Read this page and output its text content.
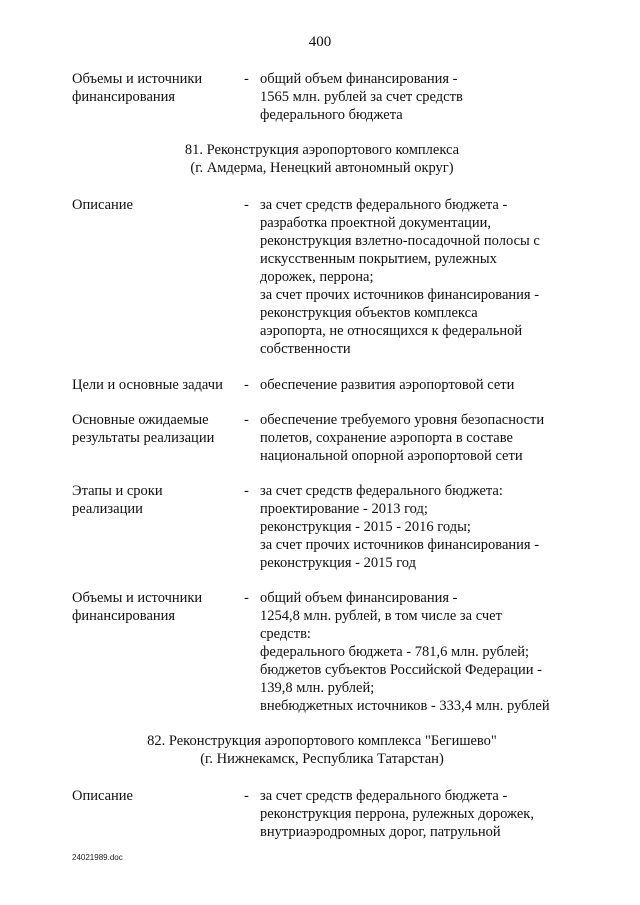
400
Объемы и источники
финансирования
- общий объем финансирования -
1565 млн. рублей за счет средств
федерального бюджета
81. Реконструкция аэропортового комплекса
(г. Амдерма, Ненецкий автономный округ)
Описание	- за счет средств федерального бюджета -
разработка проектной документации,
реконструкция взлетно-посадочной полосы с
искусственным покрытием, рулежных
дорожек, перрона;
за счет прочих источников финансирования -
реконструкция объектов комплекса
аэропорта, не относящихся к федеральной
собственности
Цели и основные задачи	- обеспечение развития аэропортовой сети
Основные ожидаемые
результаты реализации
- обеспечение требуемого уровня безопасности
полетов, сохранение аэропорта в составе
национальной опорной аэропортовой сети
Этапы и сроки
реализации
- за счет средств федерального бюджета:
проектирование - 2013 год;
реконструкция - 2015 - 2016 годы;
за счет прочих источников финансирования -
реконструкция - 2015 год
Объемы и источники
финансирования
- общий объем финансирования -
1254,8 млн. рублей, в том числе за счет
средств:
федерального бюджета - 781,6 млн. рублей;
бюджетов субъектов Российской Федерации -
139,8 млн. рублей;
внебюджетных источников - 333,4 млн. рублей
82. Реконструкция аэропортового комплекса "Бегишево"
(г. Нижнекамск, Республика Татарстан)
Описание	- за счет средств федерального бюджета -
реконструкция перрона, рулежных дорожек,
внутриаэродромных дорог, патрульной
24021989.doc
